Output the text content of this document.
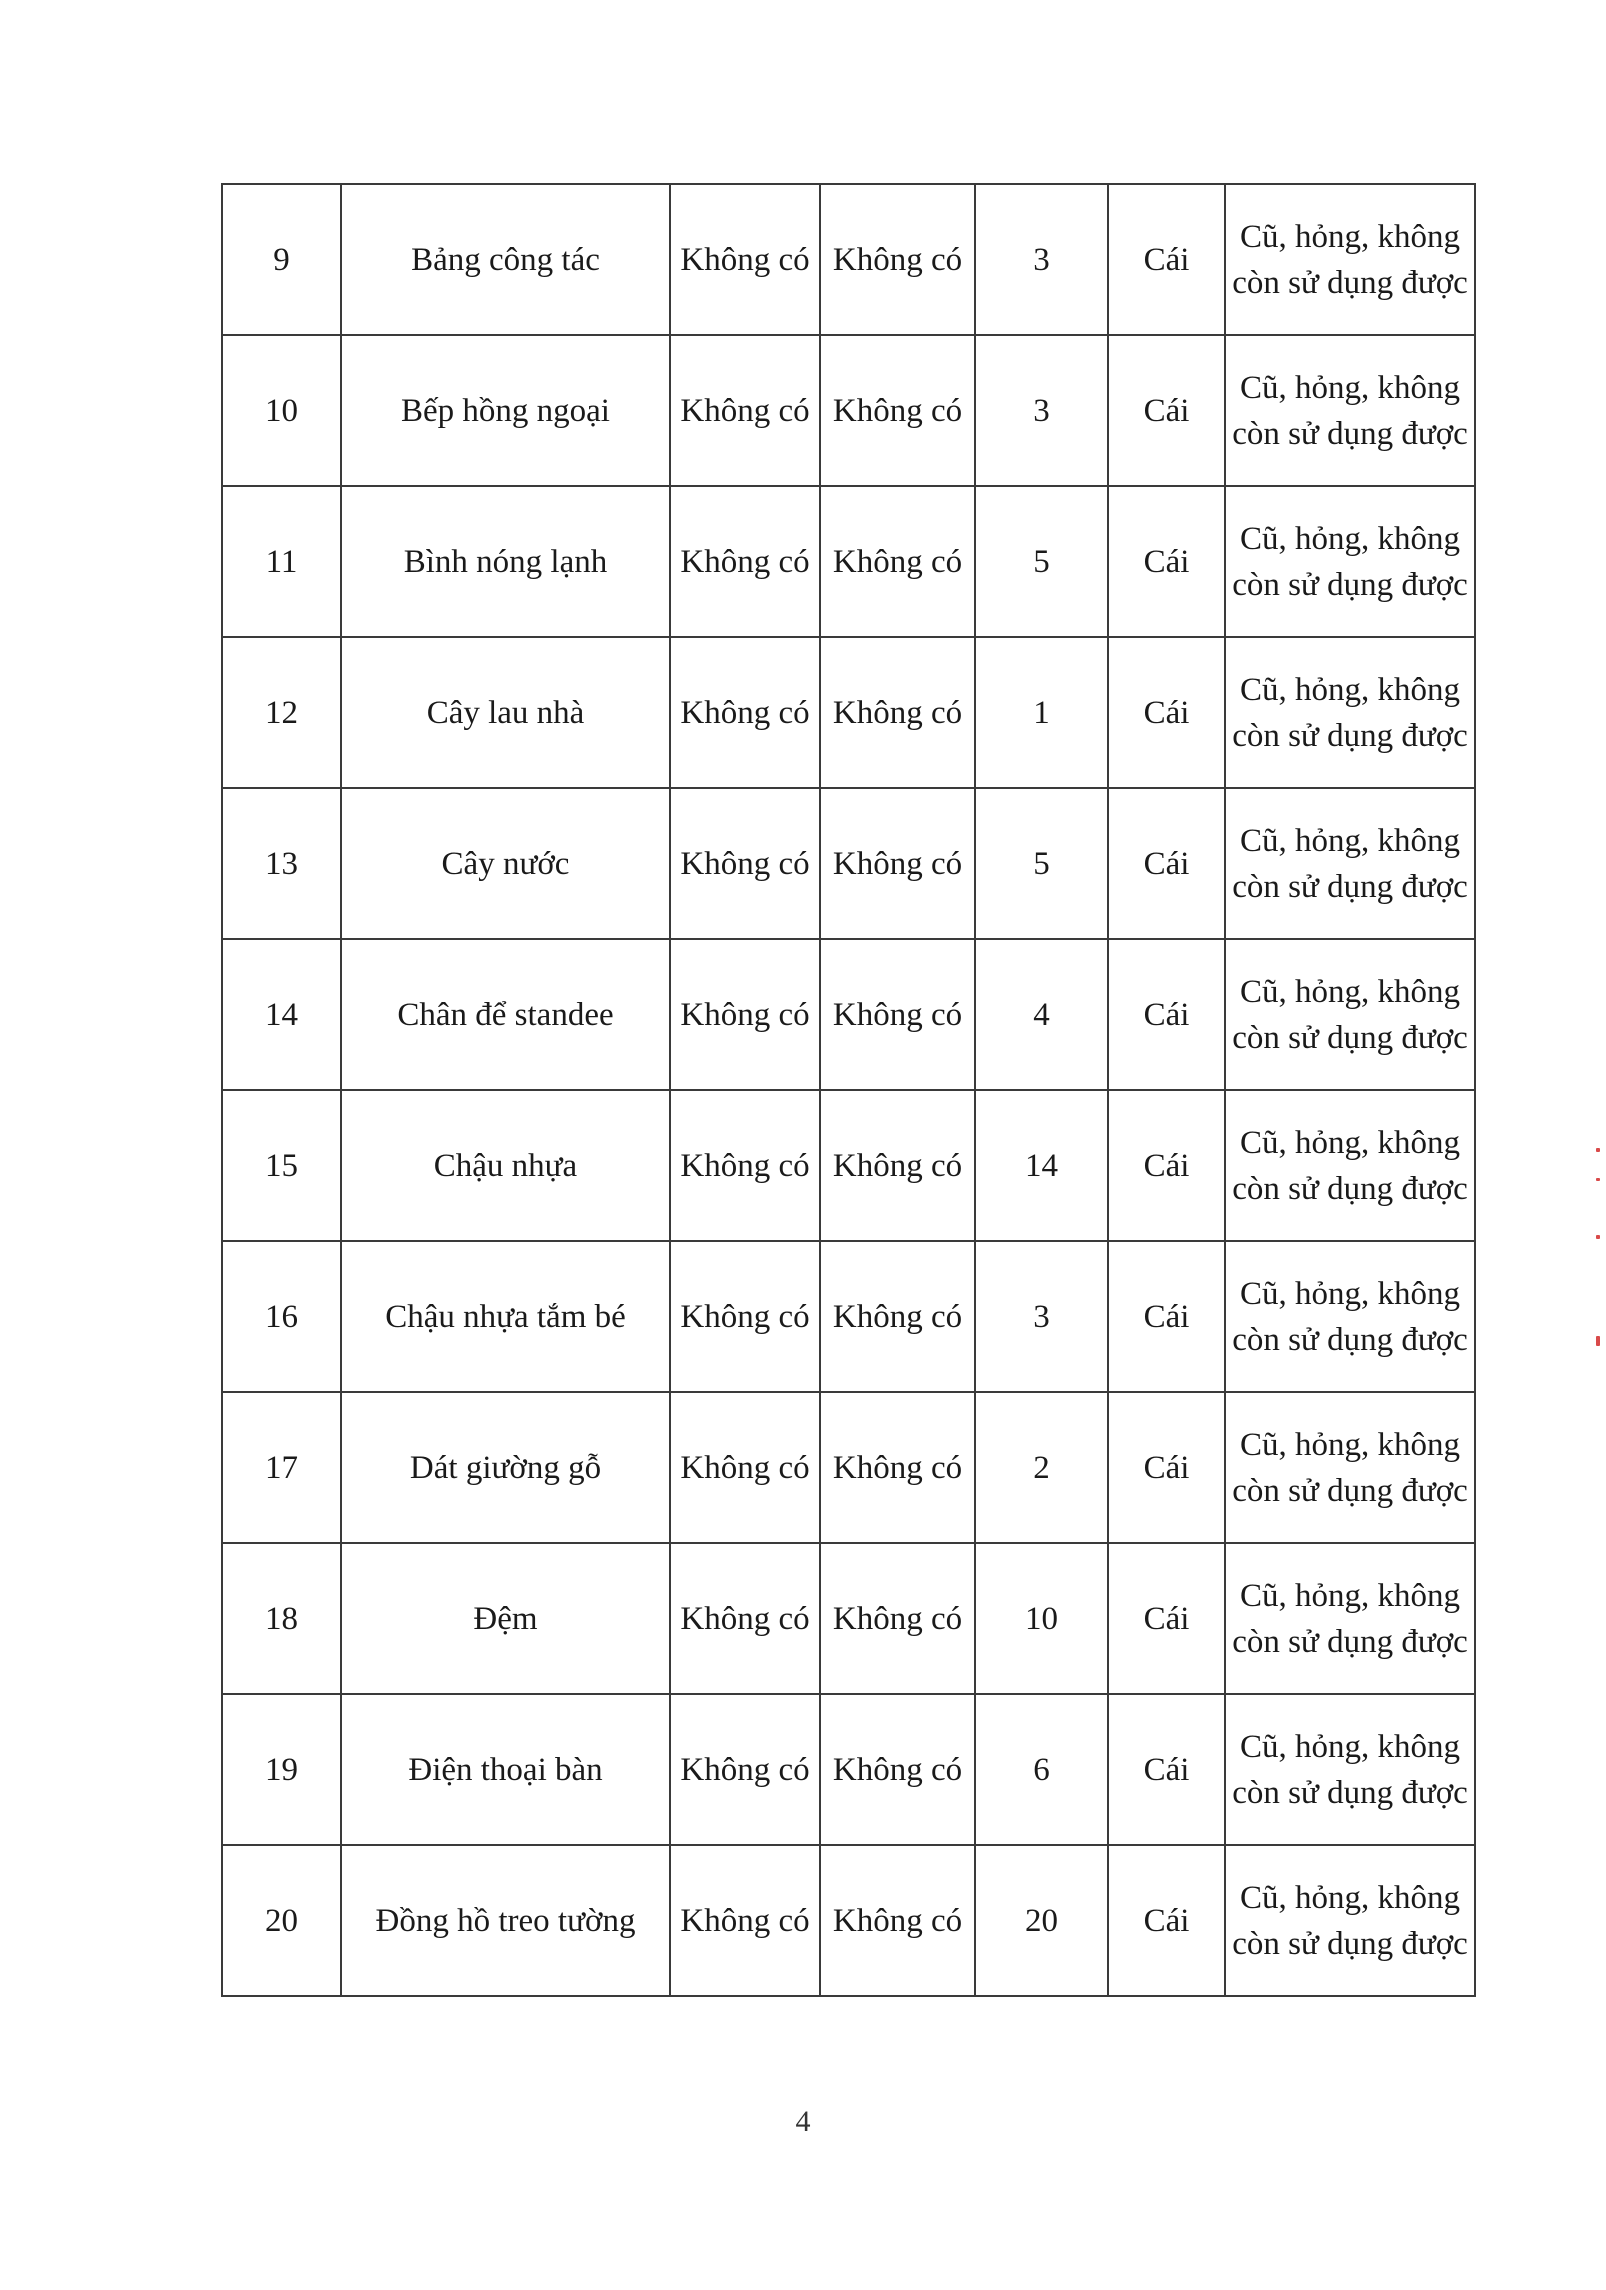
9	Bảng công tác	Không có	Không có	3	Cái	Cũ, hỏng, không còn sử dụng được
10	Bếp hồng ngoại	Không có	Không có	3	Cái	Cũ, hỏng, không còn sử dụng được
11	Bình nóng lạnh	Không có	Không có	5	Cái	Cũ, hỏng, không còn sử dụng được
12	Cây lau nhà	Không có	Không có	1	Cái	Cũ, hỏng, không còn sử dụng được
13	Cây nước	Không có	Không có	5	Cái	Cũ, hỏng, không còn sử dụng được
14	Chân để standee	Không có	Không có	4	Cái	Cũ, hỏng, không còn sử dụng được
15	Chậu nhựa	Không có	Không có	14	Cái	Cũ, hỏng, không còn sử dụng được
16	Chậu nhựa tắm bé	Không có	Không có	3	Cái	Cũ, hỏng, không còn sử dụng được
17	Dát giường gỗ	Không có	Không có	2	Cái	Cũ, hỏng, không còn sử dụng được
18	Đệm	Không có	Không có	10	Cái	Cũ, hỏng, không còn sử dụng được
19	Điện thoại bàn	Không có	Không có	6	Cái	Cũ, hỏng, không còn sử dụng được
20	Đồng hồ treo tường	Không có	Không có	20	Cái	Cũ, hỏng, không còn sử dụng được
4
